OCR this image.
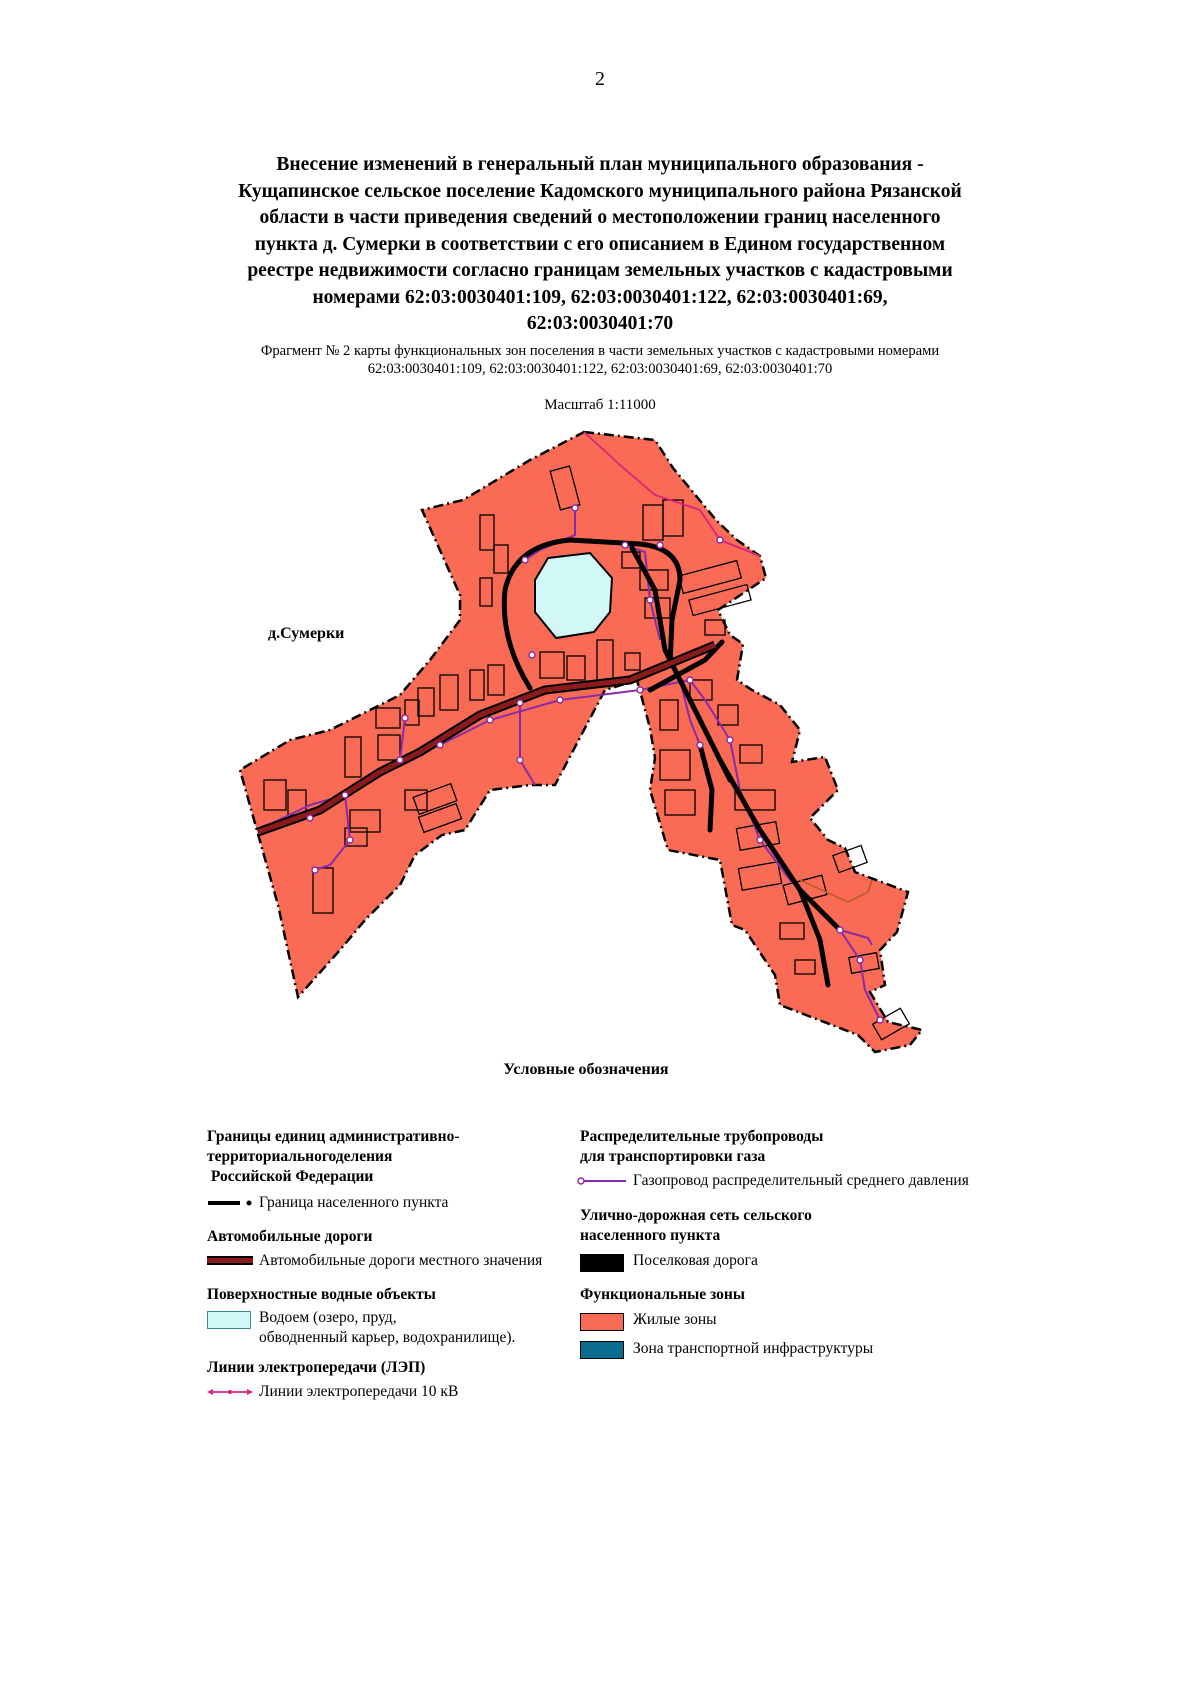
2
Внесение изменений в генеральный план муниципального образования -
Кущапинское сельское поселение Кадомского муниципального района Рязанской
области в части приведения сведений о местоположении границ населенного
пункта д. Сумерки в соответствии с его описанием в Едином государственном
реестре недвижимости согласно границам земельных участков с кадастровыми
номерами 62:03:0030401:109, 62:03:0030401:122, 62:03:0030401:69,
62:03:0030401:70
Фрагмент № 2 карты функциональных зон поселения в части земельных участков с кадастровыми номерами
62:03:0030401:109, 62:03:0030401:122, 62:03:0030401:69, 62:03:0030401:70
Масштаб 1:11000
д.Сумерки
Условные обозначения
Границы единиц административно-
территориальногоделения
Российской Федерации
Граница населенного пункта
Автомобильные дороги
Автомобильные дороги местного значения
Поверхностные водные объекты
Водоем (озеро, пруд,
обводненный карьер, водохранилище).
Линии электропередачи (ЛЭП)
Линии электропередачи 10 кВ
Распределительные трубопроводы
для транспортировки газа
Газопровод распределительный среднего давления
Улично-дорожная сеть сельского
населенного пункта
Поселковая дорога
Функциональные зоны
Жилые зоны
Зона транспортной инфраструктуры
